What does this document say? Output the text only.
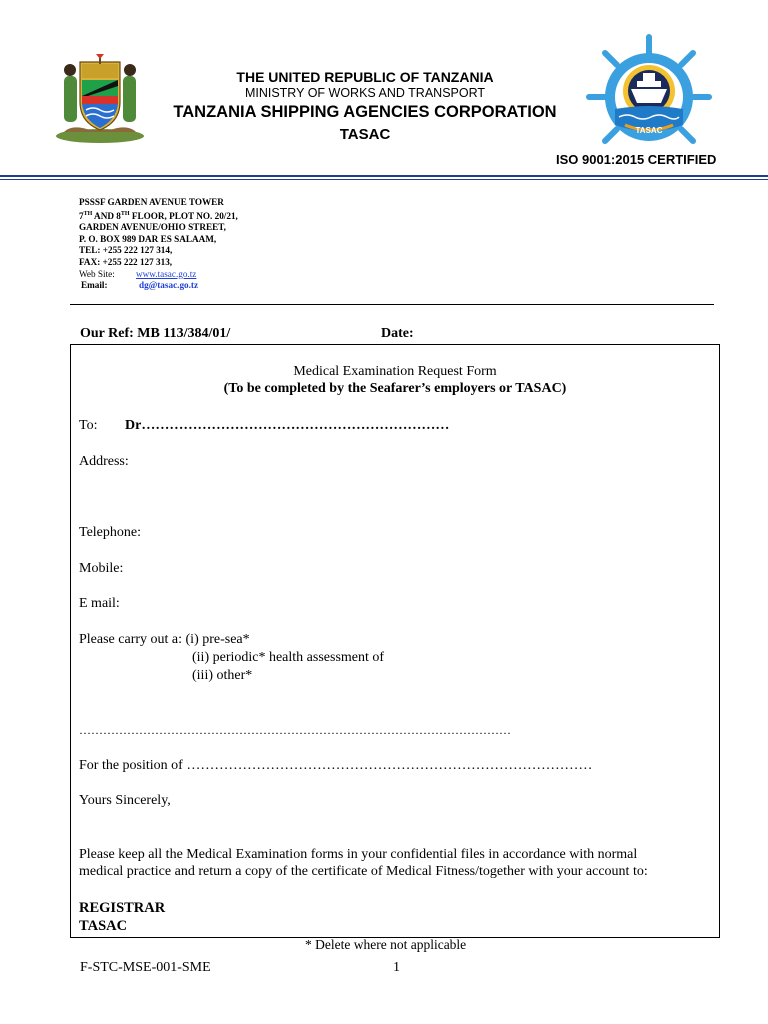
THE UNITED REPUBLIC OF TANZANIA
MINISTRY OF WORKS AND TRANSPORT
TANZANIA SHIPPING AGENCIES CORPORATION
TASAC	TASAC
ISO 9001:2015 CERTIFIED
PSSSF GARDEN AVENUE TOWER
7TH AND 8TH FLOOR, PLOT NO. 20/21,
GARDEN AVENUE/OHIO STREET,
P. O. BOX 989 DAR ES SALAAM,
TEL: +255 222 127 314,
FAX: +255 222 127 313,
Web Site: www.tasac.go.tz
Email:	dg@tasac.go.tz
Our Ref: MB 113/384/01/	Date:
Medical Examination Request Form
(To be completed by the Seafarer’s employers or TASAC)
To: Dr…………………………………………………………
Address:
Telephone:
Mobile:
E mail:
Please carry out a: (i) pre-sea*
(ii) periodic* health assessment of
(iii) other*
………………………………………………………………………………………………
For the position of ……………………………………………………………………………
Yours Sincerely,
Please keep all the Medical Examination forms in your confidential files in accordance with normal
medical practice and return a copy of the certificate of Medical Fitness/together with your account to:
REGISTRAR
TASAC
* Delete where not applicable
F-STC-MSE-001-SME	1
